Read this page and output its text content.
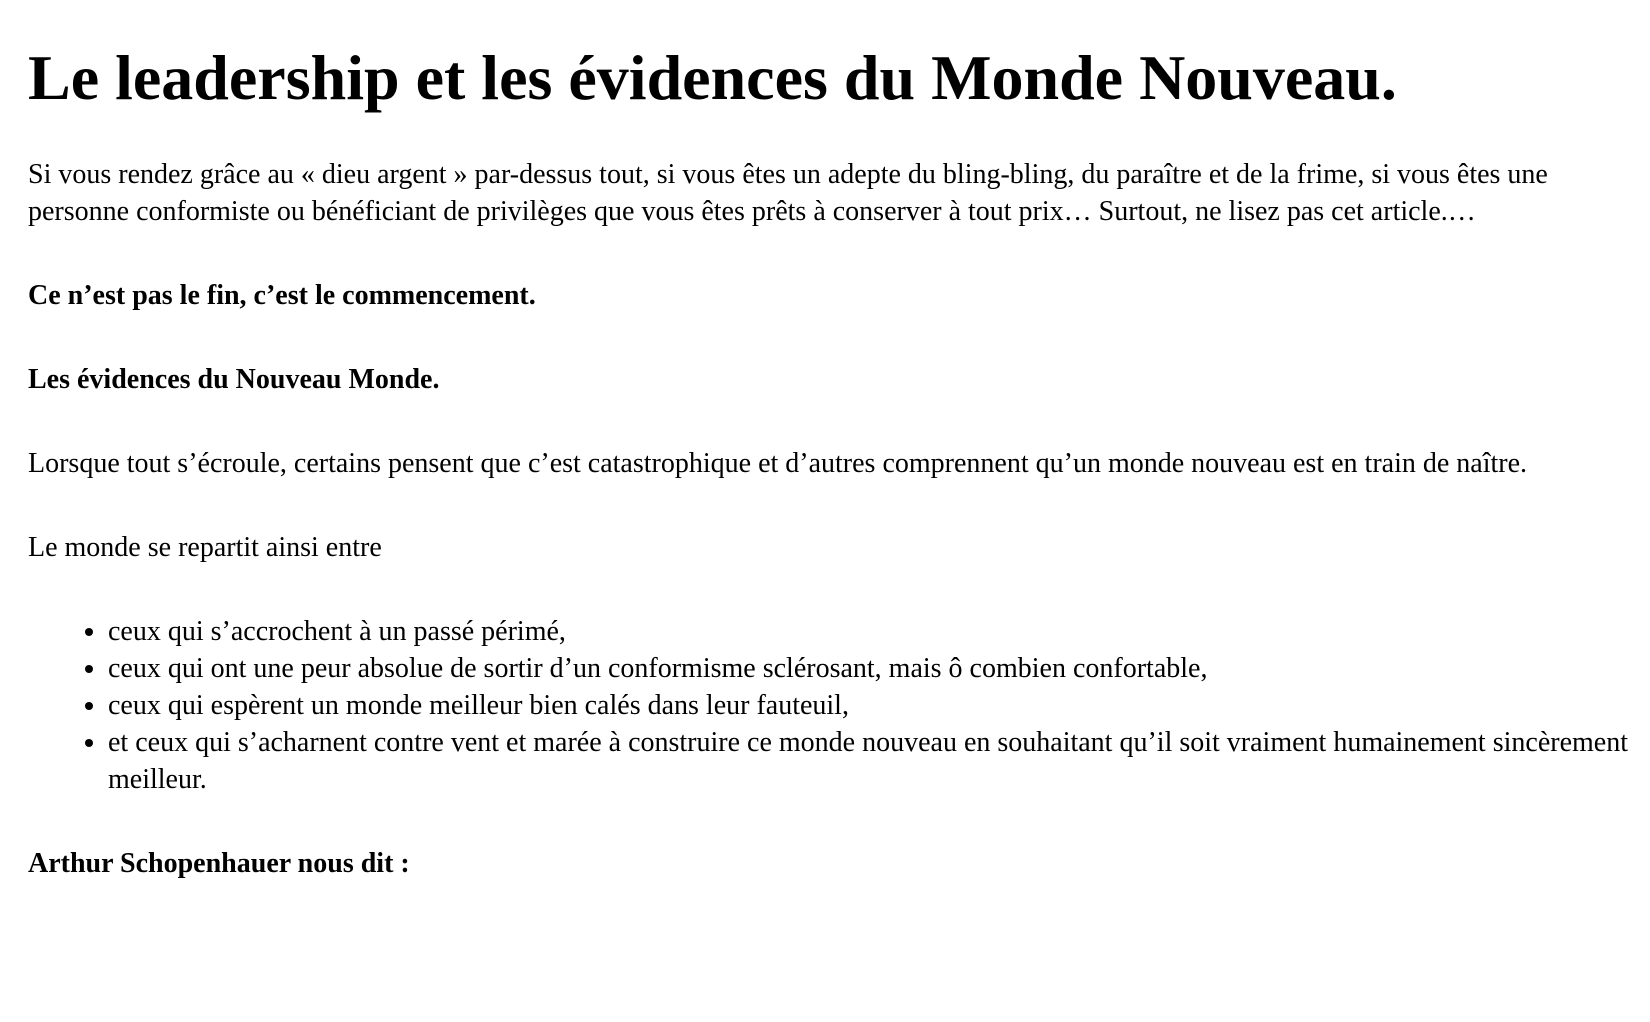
Le leadership et les évidences du Monde Nouveau.

Si vous rendez grâce au « dieu argent » par-dessus tout, si vous êtes un adepte du bling-bling, du paraître et de la frime, si vous êtes une personne conformiste ou bénéficiant de privilèges que vous êtes prêts à conserver à tout prix… Surtout, ne lisez pas cet article.…

Ce n’est pas le fin, c’est le commencement.

Les évidences du Nouveau Monde.

Lorsque tout s’écroule, certains pensent que c’est catastrophique et d’autres comprennent qu’un monde nouveau est en train de naître.

Le monde se repartit ainsi entre

• ceux qui s’accrochent à un passé périmé,
• ceux qui ont une peur absolue de sortir d’un conformisme sclérosant, mais ô combien confortable,
• ceux qui espèrent un monde meilleur bien calés dans leur fauteuil,
• et ceux qui s’acharnent contre vent et marée à construire ce monde nouveau en souhaitant qu’il soit vraiment humainement sincèrement meilleur.

Arthur Schopenhauer nous dit :
